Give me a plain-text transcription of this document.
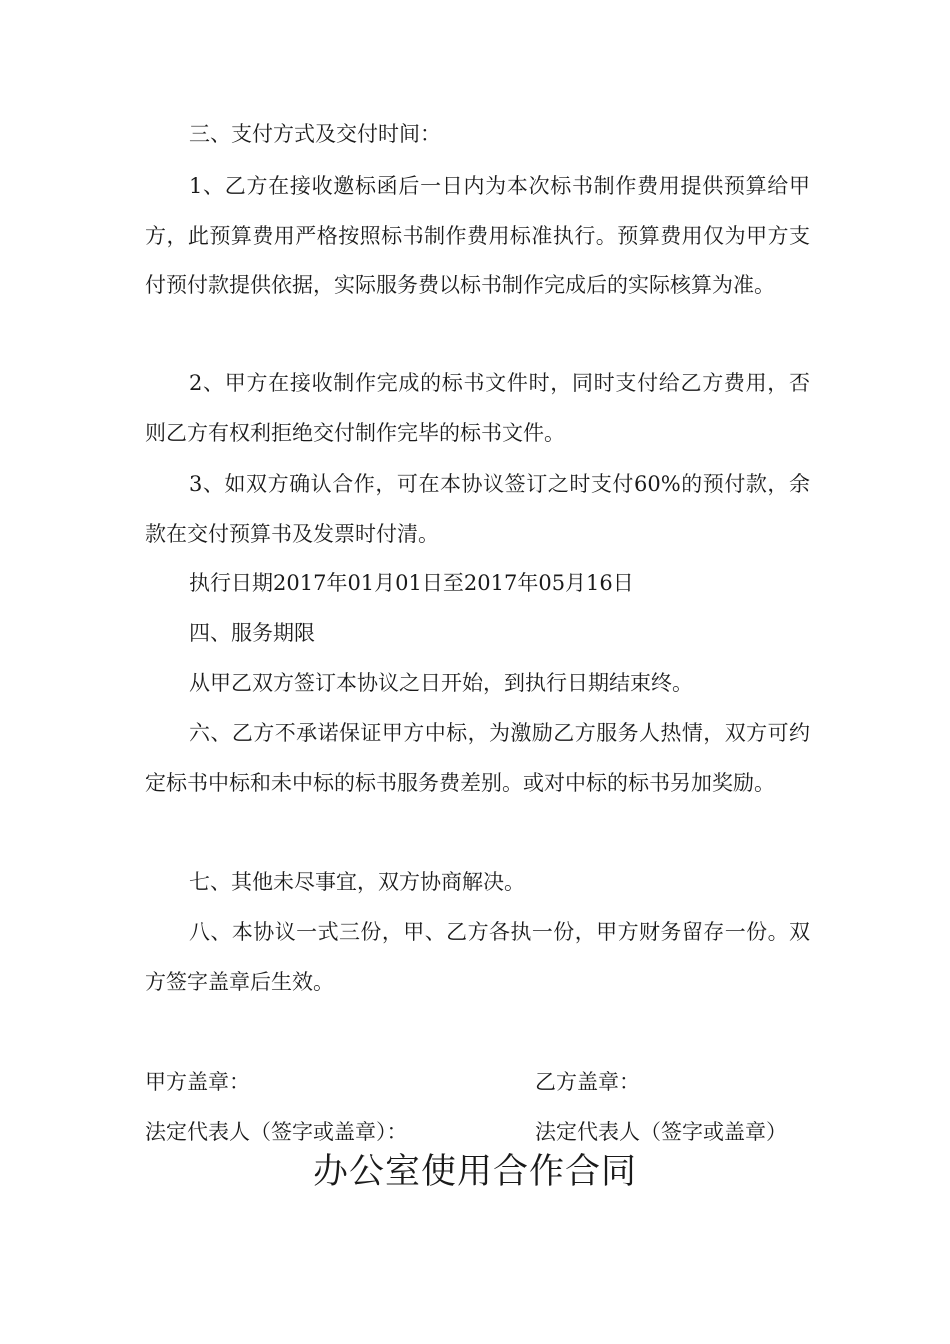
三、支付方式及交付时间：

1、乙方在接收邀标函后一日内为本次标书制作费用提供预算给甲方，此预算费用严格按照标书制作费用标准执行。预算费用仅为甲方支付预付款提供依据，实际服务费以标书制作完成后的实际核算为准。

2、甲方在接收制作完成的标书文件时，同时支付给乙方费用，否则乙方有权利拒绝交付制作完毕的标书文件。

3、如双方确认合作，可在本协议签订之时支付60%的预付款，余款在交付预算书及发票时付清。

执行日期2017年01月01日至2017年05月16日

四、服务期限

从甲乙双方签订本协议之日开始，到执行日期结束终。

六、乙方不承诺保证甲方中标，为激励乙方服务人热情，双方可约定标书中标和未中标的标书服务费差别。或对中标的标书另加奖励。

七、其他未尽事宜，双方协商解决。

八、本协议一式三份，甲、乙方各执一份，甲方财务留存一份。双方签字盖章后生效。

甲方盖章：	乙方盖章：
法定代表人（签字或盖章）：	法定代表人（签字或盖章）
办公室使用合作合同
